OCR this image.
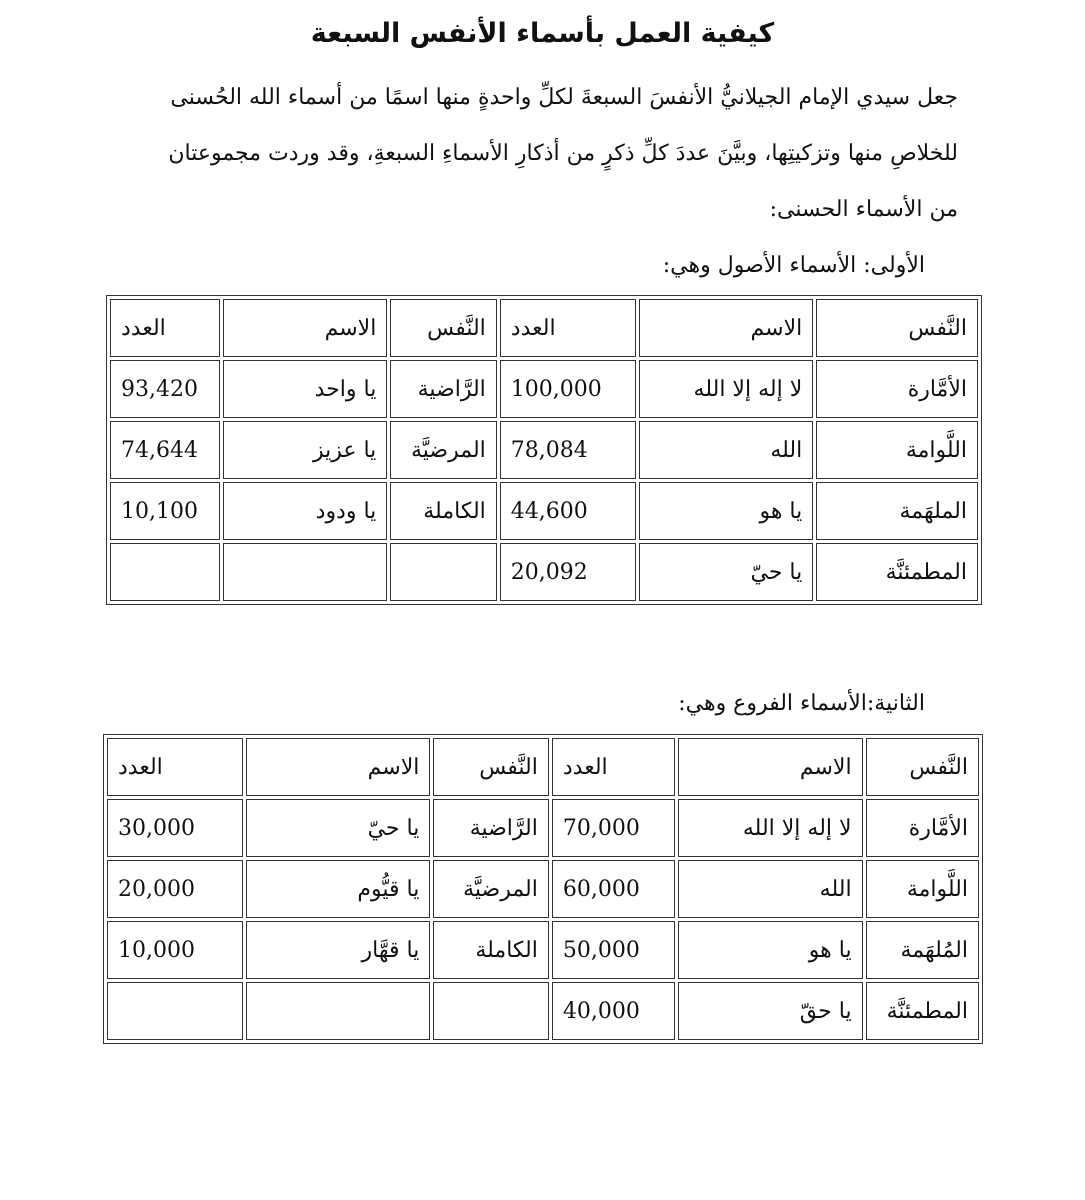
كيفية العمل بأسماء الأنفس السبعة
جعل سيدي الإمام الجيلانيُّ الأنفسَ السبعةَ لكلِّ واحدةٍ منها اسمًا من أسماء الله الحُسنى
للخلاصِ منها وتزكيتِها، وبيَّنَ عددَ كلِّ ذكرٍ من أذكارِ الأسماءِ السبعةِ، وقد وردت مجموعتان
من الأسماء الحسنى:
الأولى: الأسماء الأصول وهي:
النَّفس	الاسم	العدد	النَّفس	الاسم	العدد
الأمَّارة	لا إله إلا الله	100,000	الرَّاضية	يا واحد	93,420
اللَّوامة	الله	78,084	المرضيَّة	يا عزيز	74,644
الملهَمة	يا هو	44,600	الكاملة	يا ودود	10,100
المطمئنَّة	يا حيّ	20,092			
الثانية:الأسماء الفروع وهي:
النَّفس	الاسم	العدد	النَّفس	الاسم	العدد
الأمَّارة	لا إله إلا الله	70,000	الرَّاضية	يا حيّ	30,000
اللَّوامة	الله	60,000	المرضيَّة	يا قيُّوم	20,000
المُلهَمة	يا هو	50,000	الكاملة	يا قهَّار	10,000
المطمئنَّة	يا حقّ	40,000			
